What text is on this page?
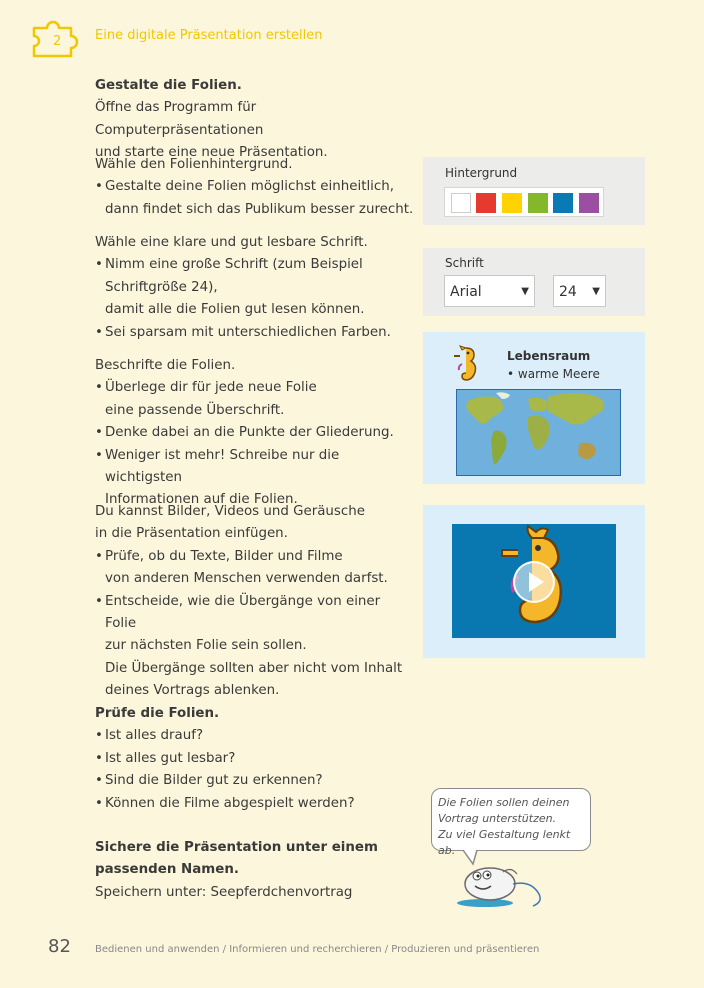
2	Eine digitale Präsentation erstellen

Gestalte die Folien.

Öffne das Programm für Computerpräsentationen

und starte eine neue Präsentation.

Wähle den Folienhintergrund.

• Gestalte deine Folien möglichst einheitlich,

dann findet sich das Publikum besser zurecht.

Wähle eine klare und gut lesbare Schrift.

• Nimm eine große Schrift (zum Beispiel

Schriftgröße 24),

damit alle die Folien gut lesen können.

• Sei sparsam mit unterschiedlichen Farben.

Beschrifte die Folien.

• Überlege dir für jede neue Folie

eine passende Überschrift.

• Denke dabei an die Punkte der Gliederung.

• Weniger ist mehr! Schreibe nur die wichtigsten

Informationen auf die Folien.

Du kannst Bilder, Videos und Geräusche

in die Präsentation einfügen.

• Prüfe, ob du Texte, Bilder und Filme

von anderen Menschen verwenden darfst.

• Entscheide, wie die Übergänge von einer Folie

zur nächsten Folie sein sollen.

Die Übergänge sollten aber nicht vom Inhalt

deines Vortrags ablenken.

Prüfe die Folien.

• Ist alles drauf?

• Ist alles gut lesbar?

• Sind die Bilder gut zu erkennen?

• Können die Filme abgespielt werden?

Sichere die Präsentation unter einem

passenden Namen.

Speichern unter: Seepferdchenvortrag

Hintergrund
Schrift
Arial	▼	24 ▼
Lebensraum
• warme Meere
Die Folien sollen deinen
Vortrag unterstützen.
Zu viel Gestaltung lenkt ab.
82 Bedienen und anwenden / Informieren und recherchieren / Produzieren und präsentieren
